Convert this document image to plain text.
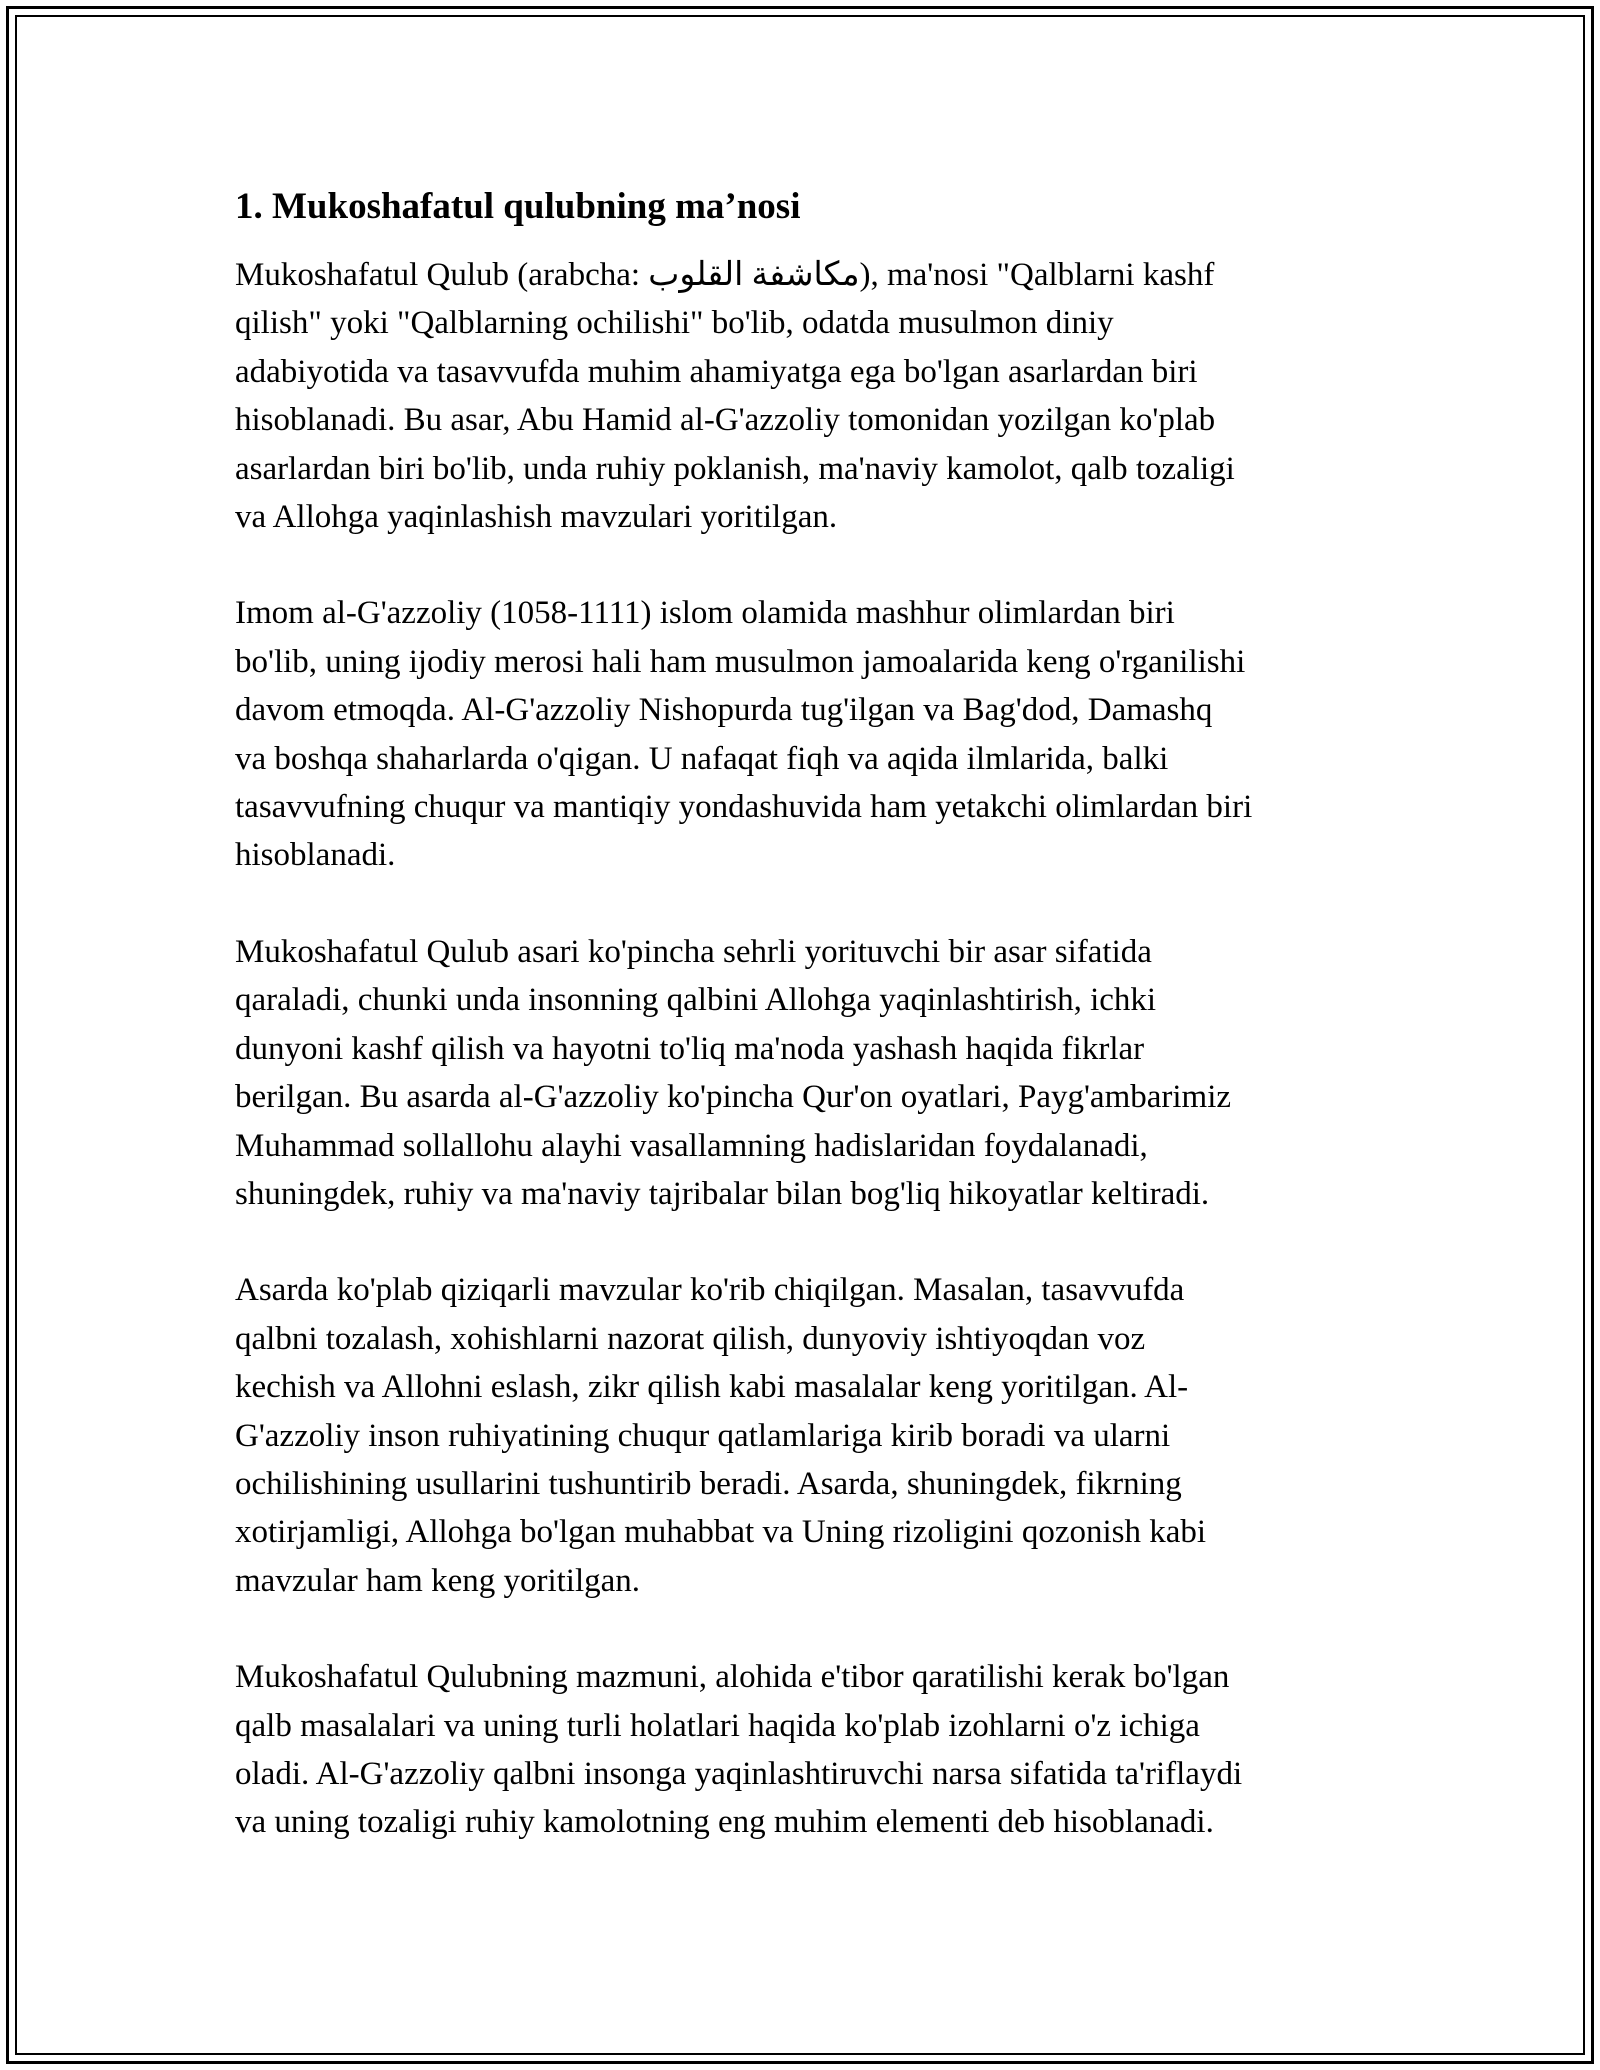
1. Mukoshafatul qulubning ma’nosi

Mukoshafatul Qulub (arabcha: مكاشفة القلوب), ma'nosi "Qalblarni kashf
qilish" yoki "Qalblarning ochilishi" bo'lib, odatda musulmon diniy
adabiyotida va tasavvufda muhim ahamiyatga ega bo'lgan asarlardan biri
hisoblanadi. Bu asar, Abu Hamid al-G'azzoliy tomonidan yozilgan ko'plab
asarlardan biri bo'lib, unda ruhiy poklanish, ma'naviy kamolot, qalb tozaligi
va Allohga yaqinlashish mavzulari yoritilgan.

Imom al-G'azzoliy (1058-1111) islom olamida mashhur olimlardan biri
bo'lib, uning ijodiy merosi hali ham musulmon jamoalarida keng o'rganilishi
davom etmoqda. Al-G'azzoliy Nishopurda tug'ilgan va Bag'dod, Damashq
va boshqa shaharlarda o'qigan. U nafaqat fiqh va aqida ilmlarida, balki
tasavvufning chuqur va mantiqiy yondashuvida ham yetakchi olimlardan biri
hisoblanadi.

Mukoshafatul Qulub asari ko'pincha sehrli yorituvchi bir asar sifatida
qaraladi, chunki unda insonning qalbini Allohga yaqinlashtirish, ichki
dunyoni kashf qilish va hayotni to'liq ma'noda yashash haqida fikrlar
berilgan. Bu asarda al-G'azzoliy ko'pincha Qur'on oyatlari, Payg'ambarimiz
Muhammad sollallohu alayhi vasallamning hadislaridan foydalanadi,
shuningdek, ruhiy va ma'naviy tajribalar bilan bog'liq hikoyatlar keltiradi.

Asarda ko'plab qiziqarli mavzular ko'rib chiqilgan. Masalan, tasavvufda
qalbni tozalash, xohishlarni nazorat qilish, dunyoviy ishtiyoqdan voz
kechish va Allohni eslash, zikr qilish kabi masalalar keng yoritilgan. Al-
G'azzoliy inson ruhiyatining chuqur qatlamlariga kirib boradi va ularni
ochilishining usullarini tushuntirib beradi. Asarda, shuningdek, fikrning
xotirjamligi, Allohga bo'lgan muhabbat va Uning rizoligini qozonish kabi
mavzular ham keng yoritilgan.

Mukoshafatul Qulubning mazmuni, alohida e'tibor qaratilishi kerak bo'lgan
qalb masalalari va uning turli holatlari haqida ko'plab izohlarni o'z ichiga
oladi. Al-G'azzoliy qalbni insonga yaqinlashtiruvchi narsa sifatida ta'riflaydi
va uning tozaligi ruhiy kamolotning eng muhim elementi deb hisoblanadi.
